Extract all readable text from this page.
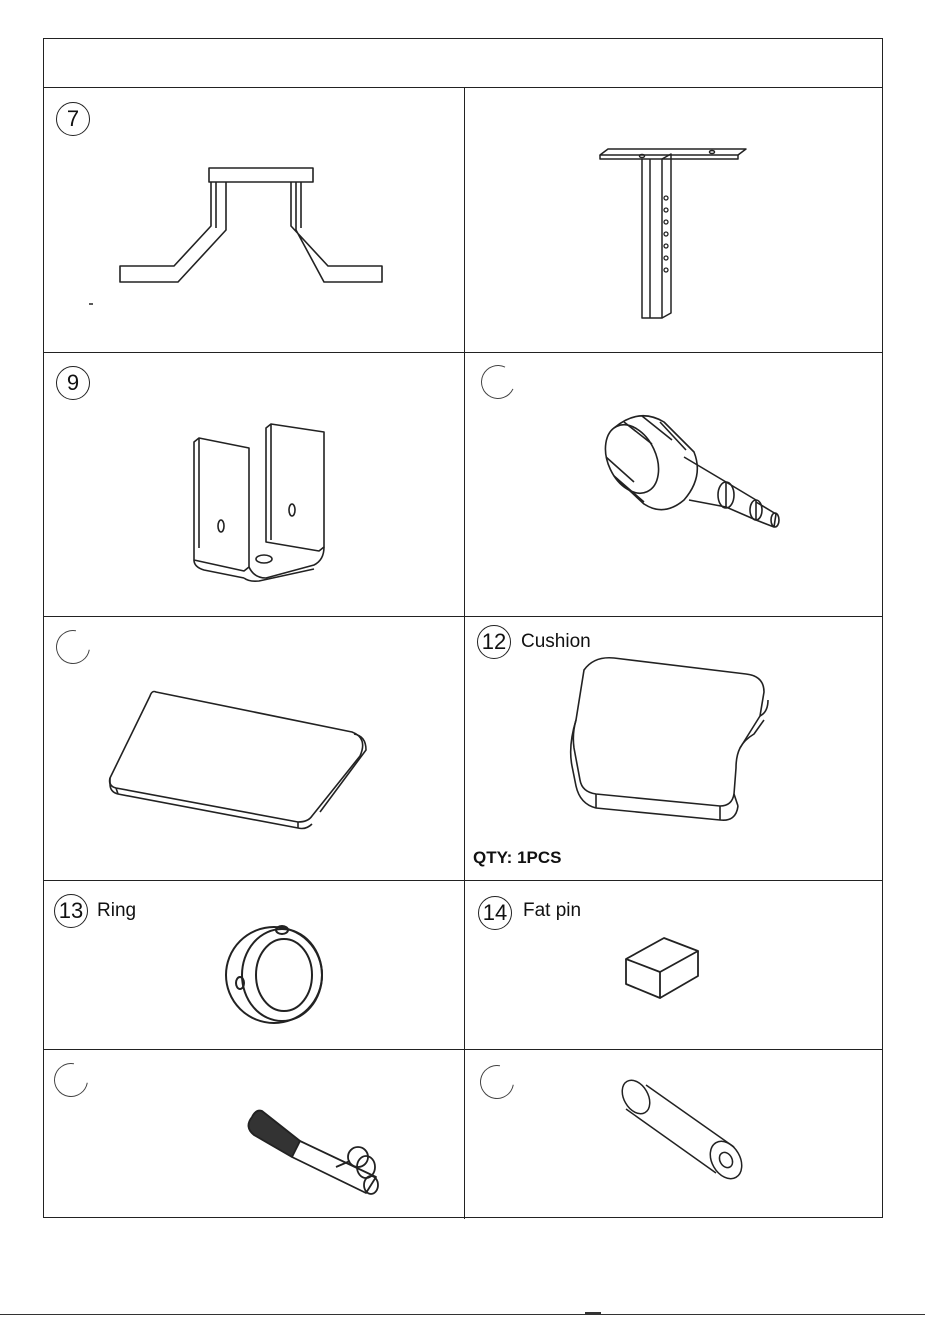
7
9
12 Cushion
QTY: 1PCS
13 Ring	14 Fat pin
